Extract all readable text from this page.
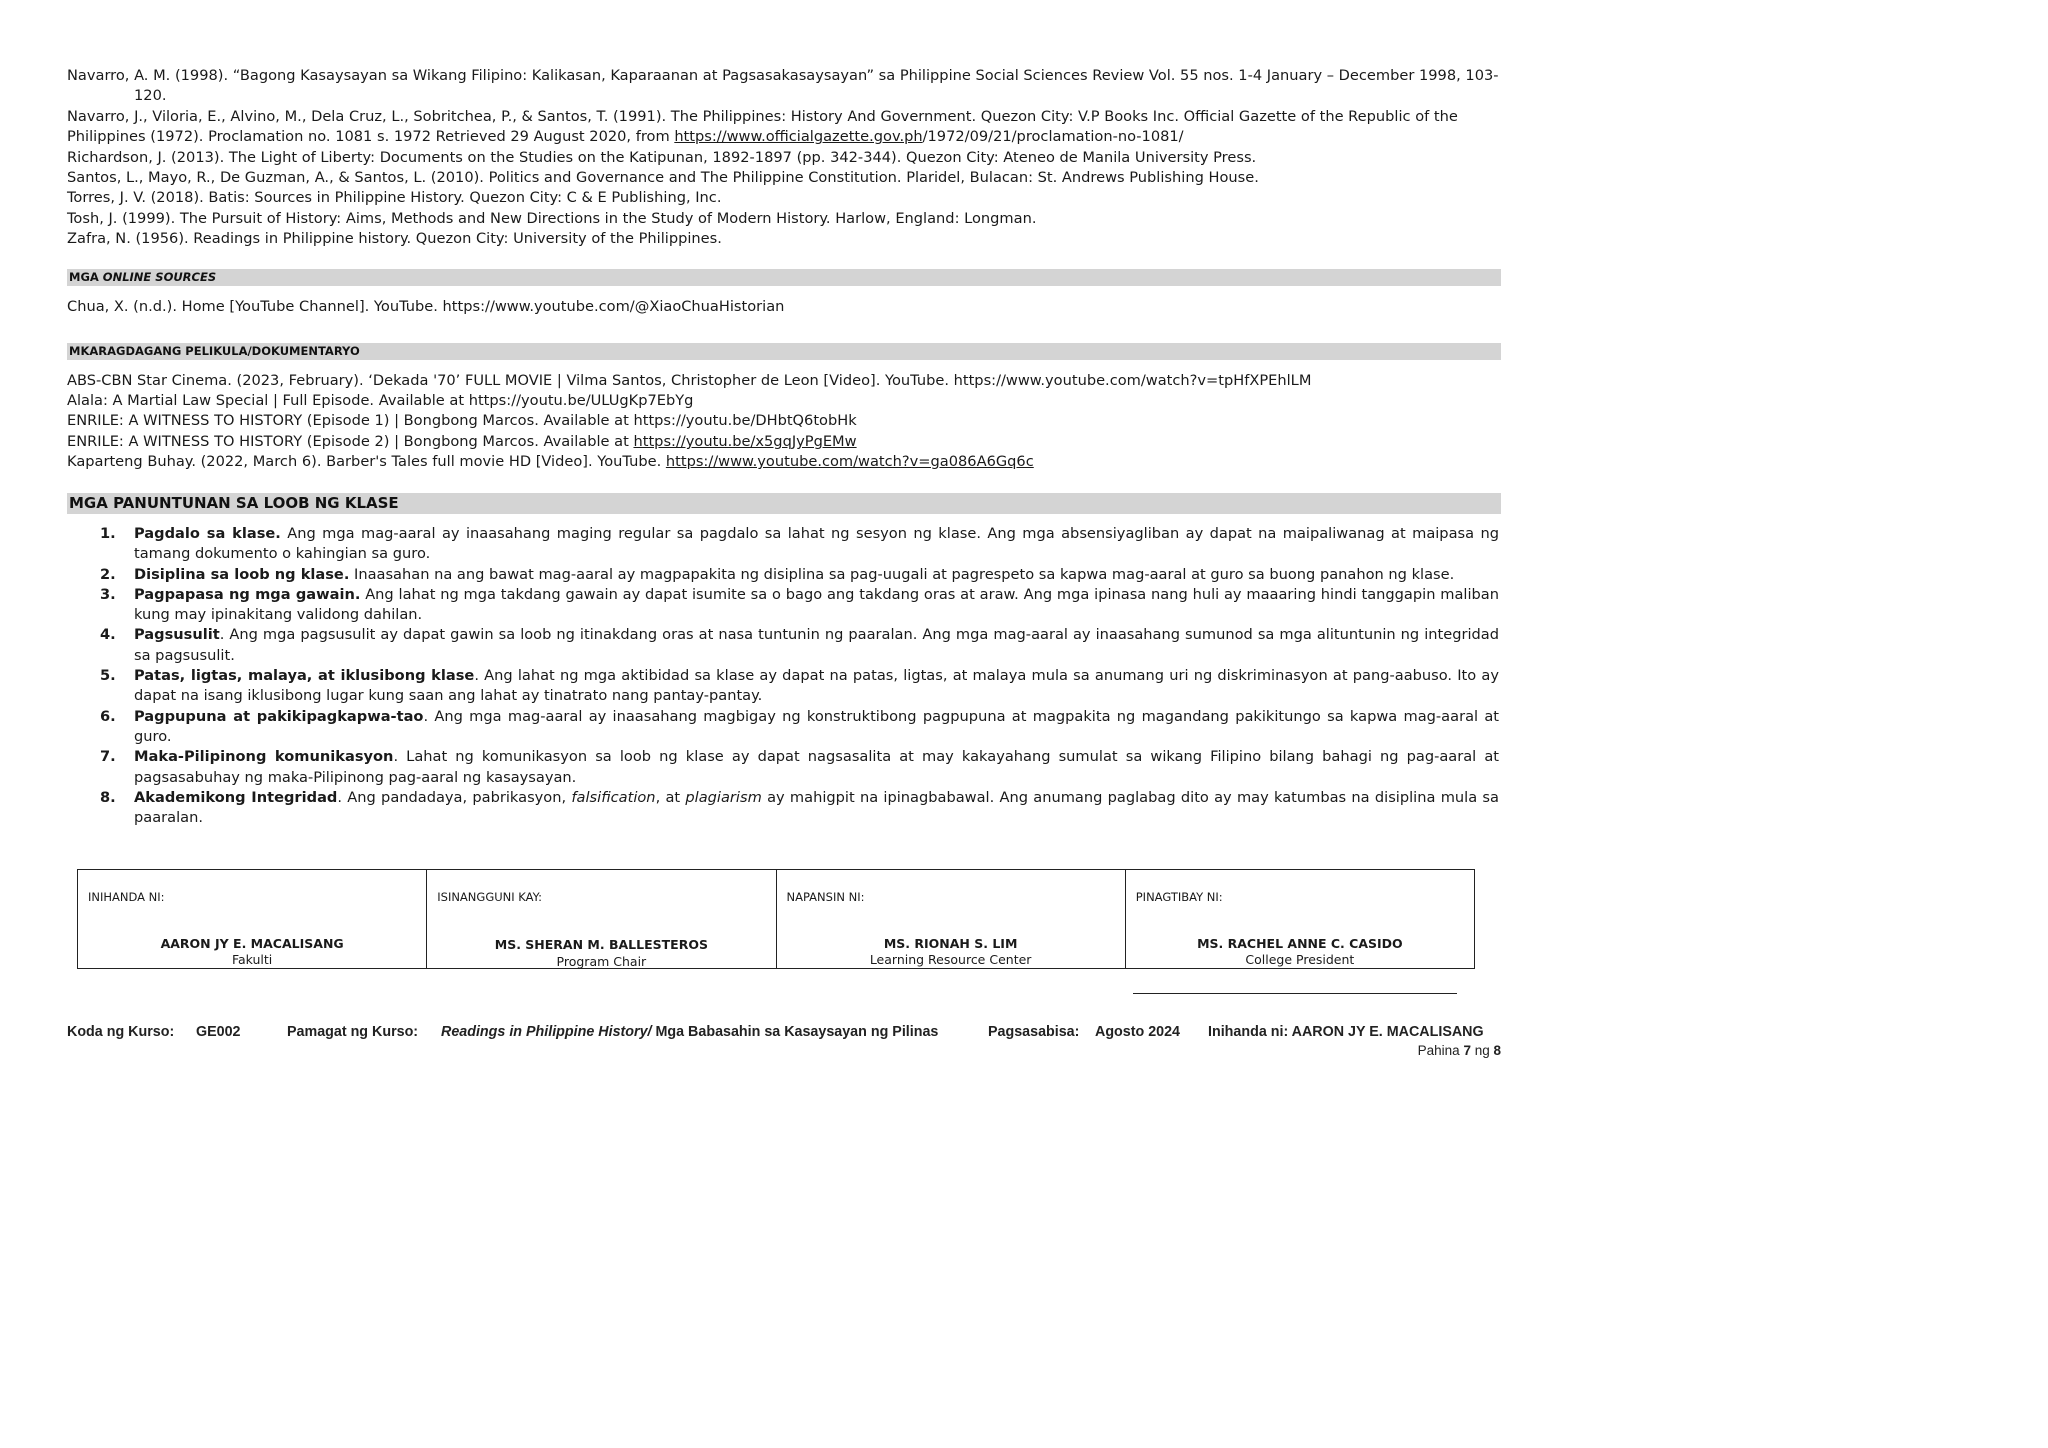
Navarro, A. M. (1998). “Bagong Kasaysayan sa Wikang Filipino: Kalikasan, Kaparaanan at Pagsasakasaysayan” sa Philippine Social Sciences Review Vol. 55 nos. 1-4 January – December 1998, 103-120.

Navarro, J., Viloria, E., Alvino, M., Dela Cruz, L., Sobritchea, P., & Santos, T. (1991). The Philippines: History And Government. Quezon City: V.P Books Inc. Official Gazette of the Republic of the Philippines (1972). Proclamation no. 1081 s. 1972 Retrieved 29 August 2020, from https://www.officialgazette.gov.ph/1972/09/21/proclamation-no-1081/

Richardson, J. (2013). The Light of Liberty: Documents on the Studies on the Katipunan, 1892-1897 (pp. 342-344). Quezon City: Ateneo de Manila University Press.

Santos, L., Mayo, R., De Guzman, A., & Santos, L. (2010). Politics and Governance and The Philippine Constitution. Plaridel, Bulacan: St. Andrews Publishing House.

Torres, J. V. (2018). Batis: Sources in Philippine History. Quezon City: C & E Publishing, Inc.

Tosh, J. (1999). The Pursuit of History: Aims, Methods and New Directions in the Study of Modern History. Harlow, England: Longman.

Zafra, N. (1956). Readings in Philippine history. Quezon City: University of the Philippines.

MGA ONLINE SOURCES
Chua, X. (n.d.). Home [YouTube Channel]. YouTube. https://www.youtube.com/@XiaoChuaHistorian
MKARAGDAGANG PELIKULA/DOKUMENTARYO
ABS-CBN Star Cinema. (2023, February). ‘Dekada '70’ FULL MOVIE | Vilma Santos, Christopher de Leon [Video]. YouTube. https://www.youtube.com/watch?v=tpHfXPEhlLM
Alala: A Martial Law Special | Full Episode. Available at https://youtu.be/ULUgKp7EbYg
ENRILE: A WITNESS TO HISTORY (Episode 1) | Bongbong Marcos. Available at https://youtu.be/DHbtQ6tobHk
ENRILE: A WITNESS TO HISTORY (Episode 2) | Bongbong Marcos. Available at https://youtu.be/x5gqJyPgEMw
Kaparteng Buhay. (2022, March 6). Barber's Tales full movie HD [Video]. YouTube. https://www.youtube.com/watch?v=ga086A6Gq6c
MGA PANUNTUNAN SA LOOB NG KLASE
1. Pagdalo sa klase. Ang mga mag-aaral ay inaasahang maging regular sa pagdalo sa lahat ng sesyon ng klase. Ang mga absensiyagliban ay dapat na maipaliwanag at maipasa ng tamang dokumento o kahingian sa guro.
2. Disiplina sa loob ng klase. Inaasahan na ang bawat mag-aaral ay magpapakita ng disiplina sa pag-uugali at pagrespeto sa kapwa mag-aaral at guro sa buong panahon ng klase.
3. Pagpapasa ng mga gawain. Ang lahat ng mga takdang gawain ay dapat isumite sa o bago ang takdang oras at araw. Ang mga ipinasa nang huli ay maaaring hindi tanggapin maliban kung may ipinakitang validong dahilan.
4. Pagsusulit. Ang mga pagsusulit ay dapat gawin sa loob ng itinakdang oras at nasa tuntunin ng paaralan. Ang mga mag-aaral ay inaasahang sumunod sa mga alituntunin ng integridad sa pagsusulit.
5. Patas, ligtas, malaya, at iklusibong klase. Ang lahat ng mga aktibidad sa klase ay dapat na patas, ligtas, at malaya mula sa anumang uri ng diskriminasyon at pang-aabuso. Ito ay dapat na isang iklusibong lugar kung saan ang lahat ay tinatrato nang pantay-pantay.
6. Pagpupuna at pakikipagkapwa-tao. Ang mga mag-aaral ay inaasahang magbigay ng konstruktibong pagpupuna at magpakita ng magandang pakikitungo sa kapwa mag-aaral at guro.
7. Maka-Pilipinong komunikasyon. Lahat ng komunikasyon sa loob ng klase ay dapat nagsasalita at may kakayahang sumulat sa wikang Filipino bilang bahagi ng pag-aaral at pagsasabuhay ng maka-Pilipinong pag-aaral ng kasaysayan.
8. Akademikong Integridad. Ang pandadaya, pabrikasyon, falsification, at plagiarism ay mahigpit na ipinagbabawal. Ang anumang paglabag dito ay may katumbas na disiplina mula sa paaralan.
INIHANDA NI:
AARON JY E. MACALISANG
Fakulti
ISINANGGUNI KAY:
MS. SHERAN M. BALLESTEROS
Program Chair
NAPANSIN NI:
MS. RIONAH S. LIM
Learning Resource Center
PINAGTIBAY NI:
MS. RACHEL ANNE C. CASIDO
College President
Koda ng Kurso: GE002	Pamagat ng Kurso: Readings in Philippine History/ Mga Babasahin sa Kasaysayan ng Pilinas	Pagsasabisa: Agosto 2024 Inihanda ni: AARON JY E. MACALISANG
Pahina 7 ng 8
